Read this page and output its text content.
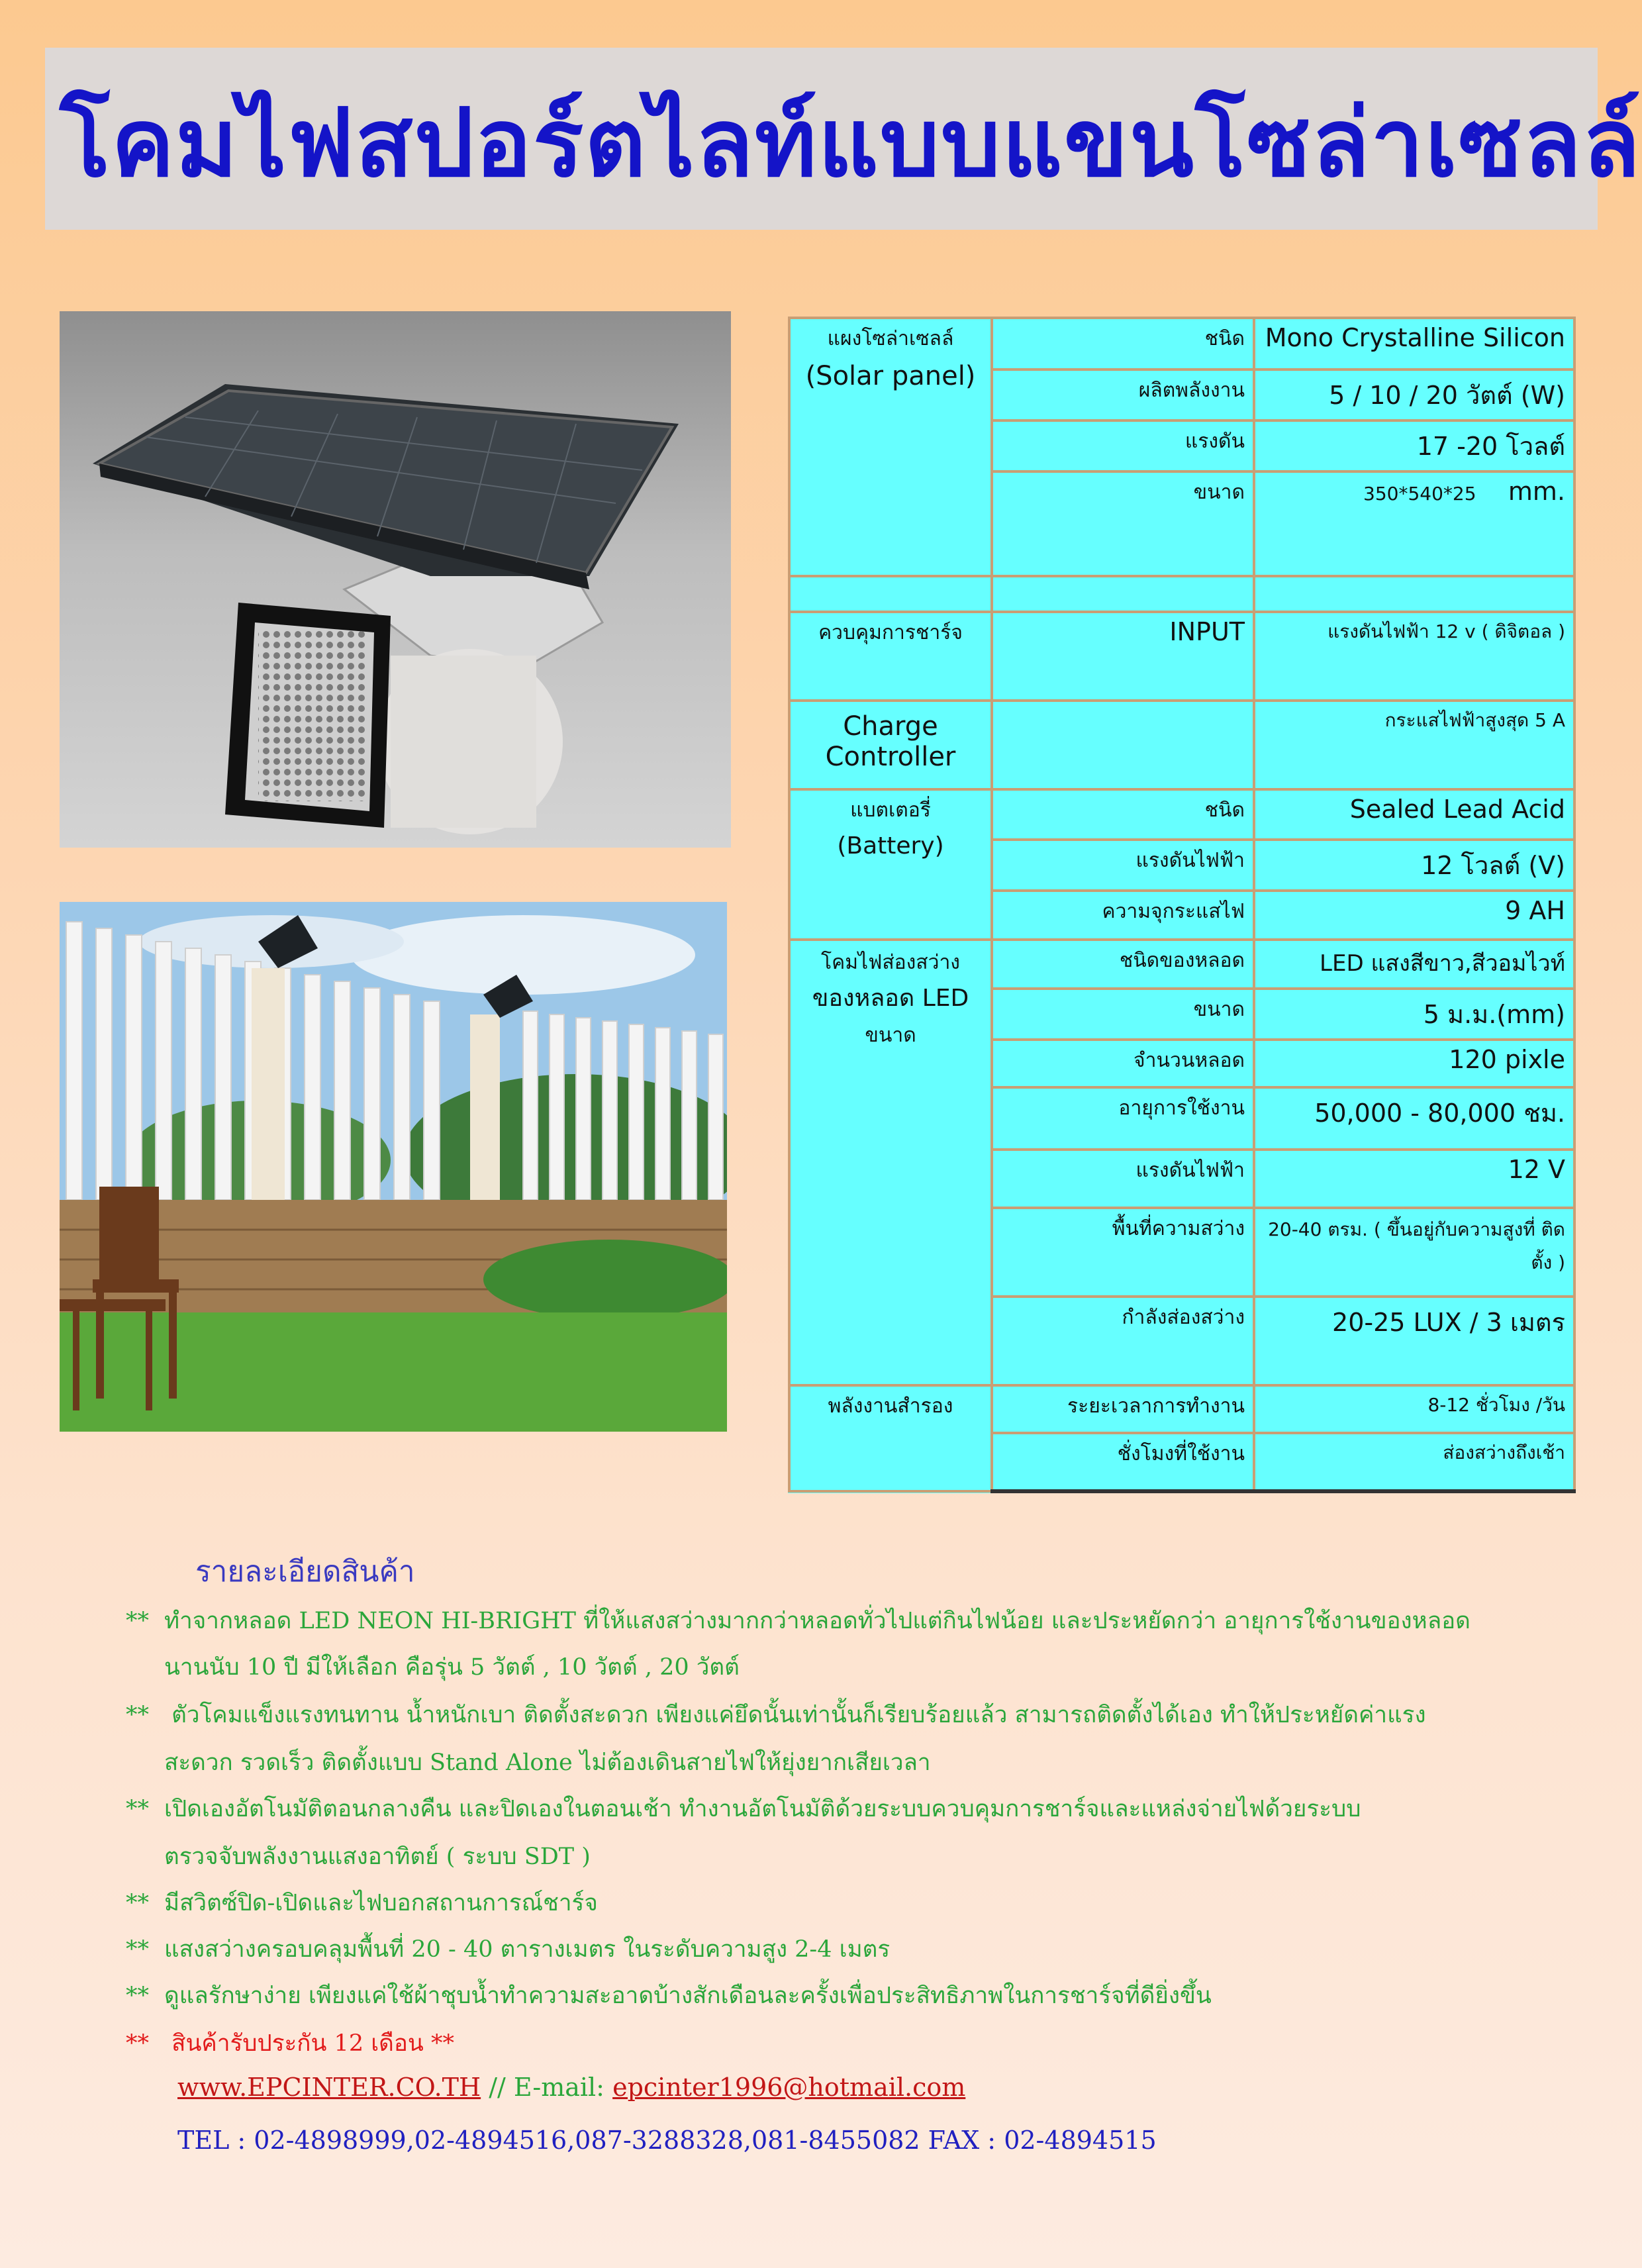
โคมไฟสปอร์ตไลท์แบบแขนโซล่าเซลล์
แผงโซล่าเซลล์
(Solar panel)	ชนิด	Mono Crystalline Silicon
	ผลิตพลังงาน	5 / 10 / 20 วัตต์ (W)
	แรงดัน	17 -20 โวลต์
	ขนาด	350*540*25 mm.

ควบคุมการชาร์จ	INPUT	แรงดันไฟฟ้า 12 v ( ดิจิตอล )
Charge Controller		กระแสไฟฟ้าสูงสุด 5 A
แบตเตอรี่
(Battery)	ชนิด	Sealed Lead Acid
	แรงดันไฟฟ้า	12 โวลต์ (V)
	ความจุกระแสไฟ	9 AH
โคมไฟส่องสว่าง
ของหลอด LED
ขนาด	ชนิดของหลอด	LED แสงสีขาว,สีวอมไวท์
	ขนาด	5 ม.ม.(mm)
	จำนวนหลอด	120 pixle
	อายุการใช้งาน	50,000 - 80,000 ชม.
	แรงดันไฟฟ้า	12 V
	พื้นที่ความสว่าง	20-40 ตรม. ( ขึ้นอยู่กับความสูงที่ ติดตั้ง )
	กำลังส่องสว่าง	20-25 LUX / 3 เมตร
พลังงานสำรอง	ระยะเวลาการทำงาน	8-12 ชั่วโมง /วัน
	ชั่งโมงที่ใช้งาน	ส่องสว่างถึงเช้า
รายละเอียดสินค้า
** ทำจากหลอด LED NEON HI-BRIGHT ที่ให้แสงสว่างมากกว่าหลอดทั่วไปแต่กินไฟน้อย และประหยัดกว่า อายุการใช้งานของหลอด
นานนับ 10 ปี มีให้เลือก คือรุ่น 5 วัตต์ , 10 วัตต์ , 20 วัตต์
** ตัวโคมแข็งแรงทนทาน น้ำหนักเบา ติดตั้งสะดวก เพียงแค่ยึดนั้นเท่านั้นก็เรียบร้อยแล้ว สามารถติดตั้งได้เอง ทำให้ประหยัดค่าแรง
สะดวก รวดเร็ว ติดตั้งแบบ Stand Alone ไม่ต้องเดินสายไฟให้ยุ่งยากเสียเวลา
** เปิดเองอัตโนมัติตอนกลางคืน และปิดเองในตอนเช้า ทำงานอัตโนมัติด้วยระบบควบคุมการชาร์จและแหล่งจ่ายไฟด้วยระบบ
ตรวจจับพลังงานแสงอาทิตย์ ( ระบบ SDT )
** มีสวิตซ์ปิด-เปิดและไฟบอกสถานการณ์ชาร์จ
** แสงสว่างครอบคลุมพื้นที่ 20 - 40 ตารางเมตร ในระดับความสูง 2-4 เมตร
** ดูแลรักษาง่าย เพียงแค่ใช้ผ้าชุบน้ำทำความสะอาดบ้างสักเดือนละครั้งเพื่อประสิทธิภาพในการชาร์จที่ดียิ่งขึ้น
** สินค้ารับประกัน 12 เดือน **
www.EPCINTER.CO.TH // E-mail: epcinter1996@hotmail.com
TEL : 02-4898999,02-4894516,087-3288328,081-8455082 FAX : 02-4894515
